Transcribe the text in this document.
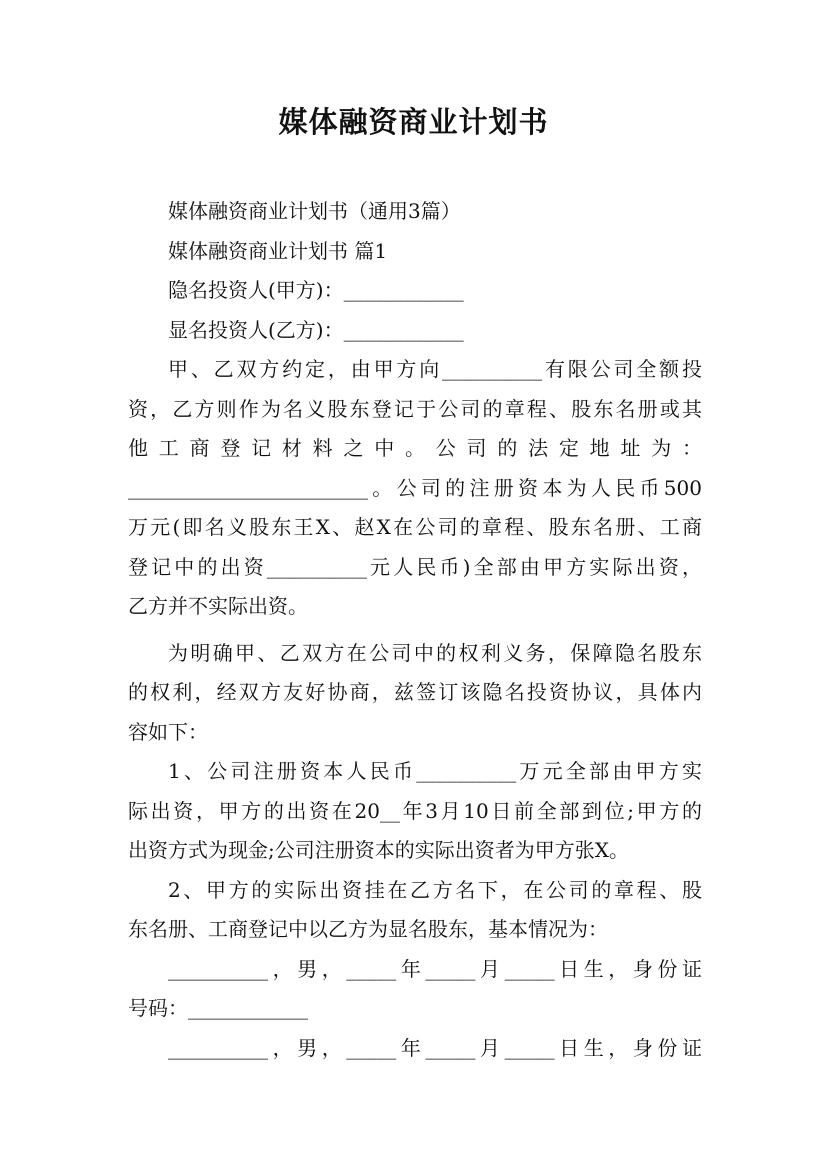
媒体融资商业计划书
媒体融资商业计划书（通用3篇）
媒体融资商业计划书 篇1
隐名投资人(甲方)：____________
显名投资人(乙方)：____________
甲、乙双方约定，由甲方向__________有限公司全额投
资，乙方则作为名义股东登记于公司的章程、股东名册或其
他 工 商 登 记 材 料 之 中 。 公 司 的 法 定 地 址 为 ：
________________________。公司的注册资本为人民币500
万元(即名义股东王X、赵X在公司的章程、股东名册、工商
登记中的出资__________元人民币)全部由甲方实际出资，
乙方并不实际出资。
为明确甲、乙双方在公司中的权利义务，保障隐名股东
的权利，经双方友好协商，兹签订该隐名投资协议，具体内
容如下：
1、公司注册资本人民币__________万元全部由甲方实
际出资，甲方的出资在20__年3月10日前全部到位;甲方的
出资方式为现金;公司注册资本的实际出资者为甲方张X。
2、甲方的实际出资挂在乙方名下，在公司的章程、股
东名册、工商登记中以乙方为显名股东，基本情况为：
__________，男，_____年_____月_____日生，身份证
号码：____________
__________，男，_____年_____月_____日生，身份证
